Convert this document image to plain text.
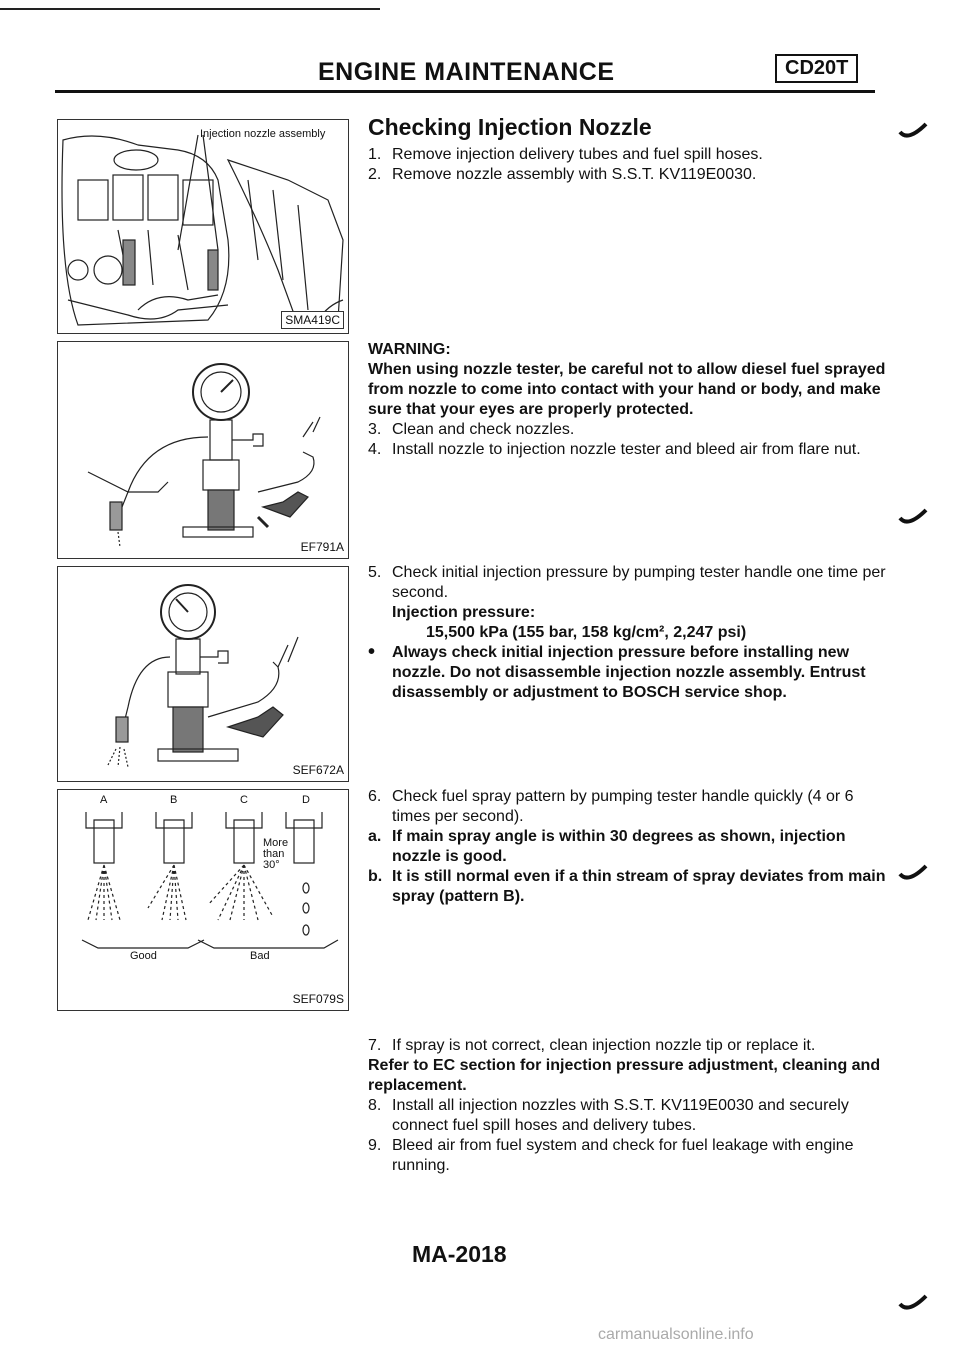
ENGINE MAINTENANCE	CD20T
Injection nozzle assembly
SMA419C
EF791A
SEF672A
A	B	C	D
More
than
30°
Good	Bad
SEF079S
Checking Injection Nozzle
1. Remove injection delivery tubes and fuel spill hoses.
2. Remove nozzle assembly with S.S.T. KV119E0030.
WARNING:
When using nozzle tester, be careful not to allow diesel fuel sprayed from nozzle to come into contact with your hand or body, and make sure that your eyes are properly protected.
3. Clean and check nozzles.
4. Install nozzle to injection nozzle tester and bleed air from flare nut.
5. Check initial injection pressure by pumping tester handle one time per second.
Injection pressure:
15,500 kPa (155 bar, 158 kg/cm², 2,247 psi)
•	Always check initial injection pressure before installing new nozzle. Do not disassemble injection nozzle assembly. Entrust disassembly or adjustment to BOSCH service shop.
6. Check fuel spray pattern by pumping tester handle quickly (4 or 6 times per second).
a. If main spray angle is within 30 degrees as shown, injection nozzle is good.
b. It is still normal even if a thin stream of spray deviates from main spray (pattern B).
7. If spray is not correct, clean injection nozzle tip or replace it.
Refer to EC section for injection pressure adjustment, cleaning and replacement.
8. Install all injection nozzles with S.S.T. KV119E0030 and securely connect fuel spill hoses and delivery tubes.
9. Bleed air from fuel system and check for fuel leakage with engine running.
MA-2018
carmanualsonline.info
